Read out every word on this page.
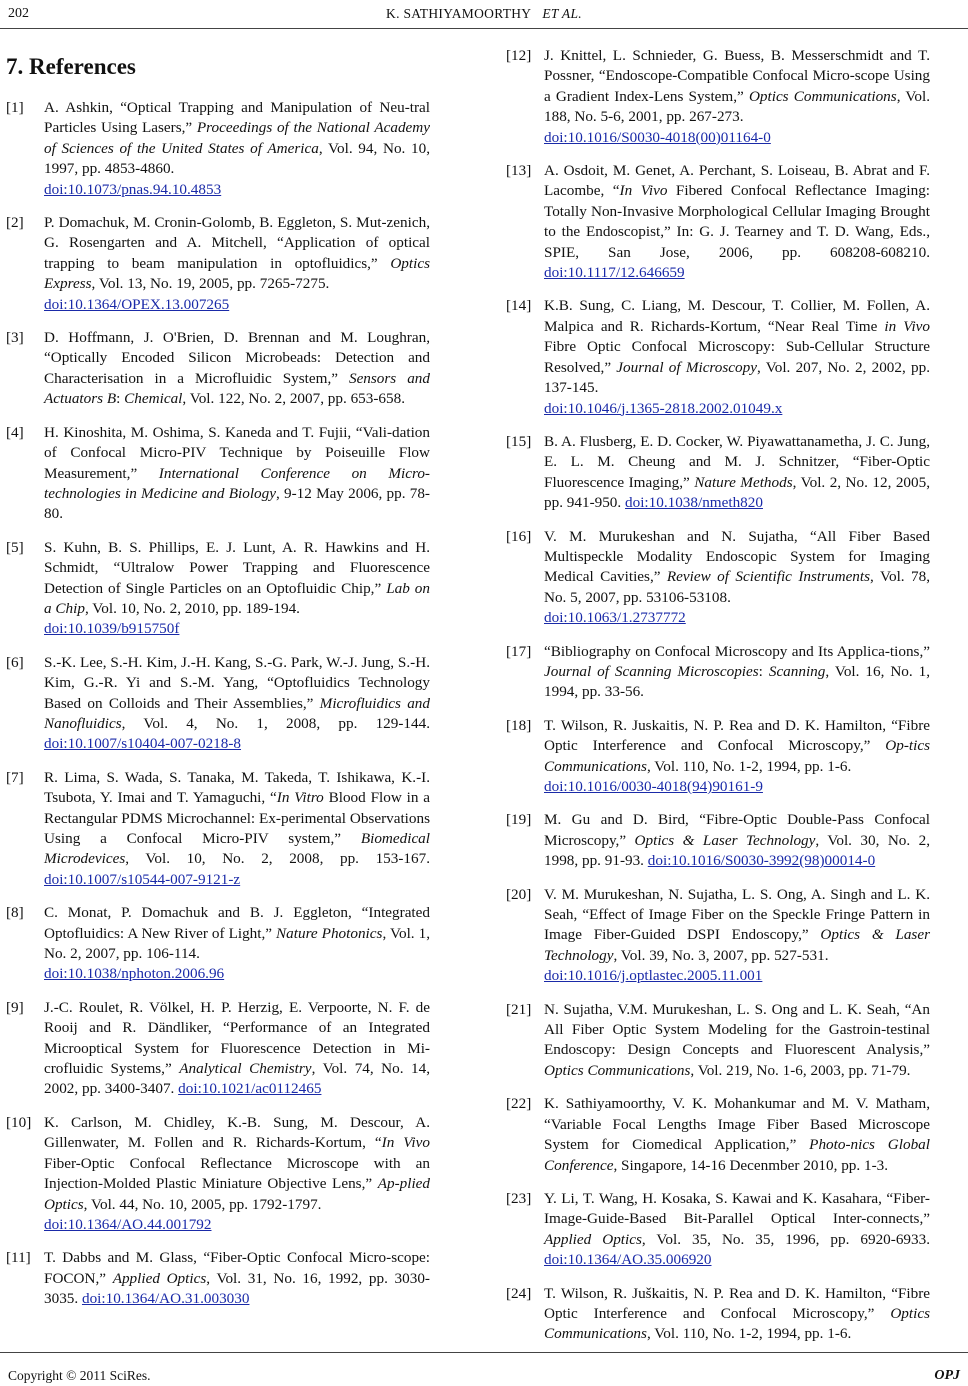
202	K. SATHIYAMOORTHY ET AL.
7. References
[1]	A. Ashkin, “Optical Trapping and Manipulation of Neu-tral Particles Using Lasers,” Proceedings of the National Academy of Sciences of the United States of America, Vol. 94, No. 10, 1997, pp. 4853-4860.
doi:10.1073/pnas.94.10.4853
[2]	P. Domachuk, M. Cronin-Golomb, B. Eggleton, S. Mut-zenich, G. Rosengarten and A. Mitchell, “Application of optical trapping to beam manipulation in optofluidics,” Optics Express, Vol. 13, No. 19, 2005, pp. 7265-7275.
doi:10.1364/OPEX.13.007265
[3]	D. Hoffmann, J. O'Brien, D. Brennan and M. Loughran, “Optically Encoded Silicon Microbeads: Detection and Characterisation in a Microfluidic System,” Sensors and Actuators B: Chemical, Vol. 122, No. 2, 2007, pp. 653-658.
[4]	H. Kinoshita, M. Oshima, S. Kaneda and T. Fujii, “Vali-dation of Confocal Micro-PIV Technique by Poiseuille Flow Measurement,” International Conference on Micro-technologies in Medicine and Biology, 9-12 May 2006, pp. 78-80.
[5]	S. Kuhn, B. S. Phillips, E. J. Lunt, A. R. Hawkins and H. Schmidt, “Ultralow Power Trapping and Fluorescence Detection of Single Particles on an Optofluidic Chip,” Lab on a Chip, Vol. 10, No. 2, 2010, pp. 189-194.
doi:10.1039/b915750f
[6]	S.-K. Lee, S.-H. Kim, J.-H. Kang, S.-G. Park, W.-J. Jung, S.-H. Kim, G.-R. Yi and S.-M. Yang, “Optofluidics Technology Based on Colloids and Their Assemblies,” Microfluidics and Nanofluidics, Vol. 4, No. 1, 2008, pp. 129-144. doi:10.1007/s10404-007-0218-8
[7]	R. Lima, S. Wada, S. Tanaka, M. Takeda, T. Ishikawa, K.-I. Tsubota, Y. Imai and T. Yamaguchi, “In Vitro Blood Flow in a Rectangular PDMS Microchannel: Ex-perimental Observations Using a Confocal Micro-PIV system,” Biomedical Microdevices, Vol. 10, No. 2, 2008, pp. 153-167. doi:10.1007/s10544-007-9121-z
[8]	C. Monat, P. Domachuk and B. J. Eggleton, “Integrated Optofluidics: A New River of Light,” Nature Photonics, Vol. 1, No. 2, 2007, pp. 106-114.
doi:10.1038/nphoton.2006.96
[9]	J.-C. Roulet, R. Völkel, H. P. Herzig, E. Verpoorte, N. F. de Rooij and R. Dändliker, “Performance of an Integrated Microoptical System for Fluorescence Detection in Mi-crofluidic Systems,” Analytical Chemistry, Vol. 74, No. 14, 2002, pp. 3400-3407. doi:10.1021/ac0112465
[10] K. Carlson, M. Chidley, K.-B. Sung, M. Descour, A. Gillenwater, M. Follen and R. Richards-Kortum, “In Vivo Fiber-Optic Confocal Reflectance Microscope with an Injection-Molded Plastic Miniature Objective Lens,” Ap-plied Optics, Vol. 44, No. 10, 2005, pp. 1792-1797.
doi:10.1364/AO.44.001792
[11] T. Dabbs and M. Glass, “Fiber-Optic Confocal Micro-scope: FOCON,” Applied Optics, Vol. 31, No. 16, 1992, pp. 3030-3035. doi:10.1364/AO.31.003030
[12] J. Knittel, L. Schnieder, G. Buess, B. Messerschmidt and T. Possner, “Endoscope-Compatible Confocal Micro-scope Using a Gradient Index-Lens System,” Optics Communications, Vol. 188, No. 5-6, 2001, pp. 267-273.
doi:10.1016/S0030-4018(00)01164-0
[13] A. Osdoit, M. Genet, A. Perchant, S. Loiseau, B. Abrat and F. Lacombe, “In Vivo Fibered Confocal Reflectance Imaging: Totally Non-Invasive Morphological Cellular Imaging Brought to the Endoscopist,” In: G. J. Tearney and T. D. Wang, Eds., SPIE, San Jose, 2006, pp. 608208-608210. doi:10.1117/12.646659
[14] K.B. Sung, C. Liang, M. Descour, T. Collier, M. Follen, A. Malpica and R. Richards-Kortum, “Near Real Time in Vivo Fibre Optic Confocal Microscopy: Sub-Cellular Structure Resolved,” Journal of Microscopy, Vol. 207, No. 2, 2002, pp. 137-145.
doi:10.1046/j.1365-2818.2002.01049.x
[15] B. A. Flusberg, E. D. Cocker, W. Piyawattanametha, J. C. Jung, E. L. M. Cheung and M. J. Schnitzer, “Fiber-Optic Fluorescence Imaging,” Nature Methods, Vol. 2, No. 12, 2005, pp. 941-950. doi:10.1038/nmeth820
[16] V. M. Murukeshan and N. Sujatha, “All Fiber Based Multispeckle Modality Endoscopic System for Imaging Medical Cavities,” Review of Scientific Instruments, Vol. 78, No. 5, 2007, pp. 53106-53108.
doi:10.1063/1.2737772
[17] “Bibliography on Confocal Microscopy and Its Applica-tions,” Journal of Scanning Microscopies: Scanning, Vol. 16, No. 1, 1994, pp. 33-56.
[18] T. Wilson, R. Juskaitis, N. P. Rea and D. K. Hamilton, “Fibre Optic Interference and Confocal Microscopy,” Op-tics Communications, Vol. 110, No. 1-2, 1994, pp. 1-6.
doi:10.1016/0030-4018(94)90161-9
[19] M. Gu and D. Bird, “Fibre-Optic Double-Pass Confocal Microscopy,” Optics & Laser Technology, Vol. 30, No. 2, 1998, pp. 91-93. doi:10.1016/S0030-3992(98)00014-0
[20] V. M. Murukeshan, N. Sujatha, L. S. Ong, A. Singh and L. K. Seah, “Effect of Image Fiber on the Speckle Fringe Pattern in Image Fiber-Guided DSPI Endoscopy,” Optics & Laser Technology, Vol. 39, No. 3, 2007, pp. 527-531.
doi:10.1016/j.optlastec.2005.11.001
[21] N. Sujatha, V.M. Murukeshan, L. S. Ong and L. K. Seah, “An All Fiber Optic System Modeling for the Gastroin-testinal Endoscopy: Design Concepts and Fluorescent Analysis,” Optics Communications, Vol. 219, No. 1-6, 2003, pp. 71-79.
[22] K. Sathiyamoorthy, V. K. Mohankumar and M. V. Matham, “Variable Focal Lengths Image Fiber Based Microscope System for Ciomedical Application,” Photo-nics Global Conference, Singapore, 14-16 Decenmber 2010, pp. 1-3.
[23] Y. Li, T. Wang, H. Kosaka, S. Kawai and K. Kasahara, “Fiber-Image-Guide-Based Bit-Parallel Optical Inter-connects,” Applied Optics, Vol. 35, No. 35, 1996, pp. 6920-6933. doi:10.1364/AO.35.006920
[24] T. Wilson, R. Juškaitis, N. P. Rea and D. K. Hamilton, “Fibre Optic Interference and Confocal Microscopy,” Optics Communications, Vol. 110, No. 1-2, 1994, pp. 1-6.
Copyright © 2011 SciRes.	OPJ
